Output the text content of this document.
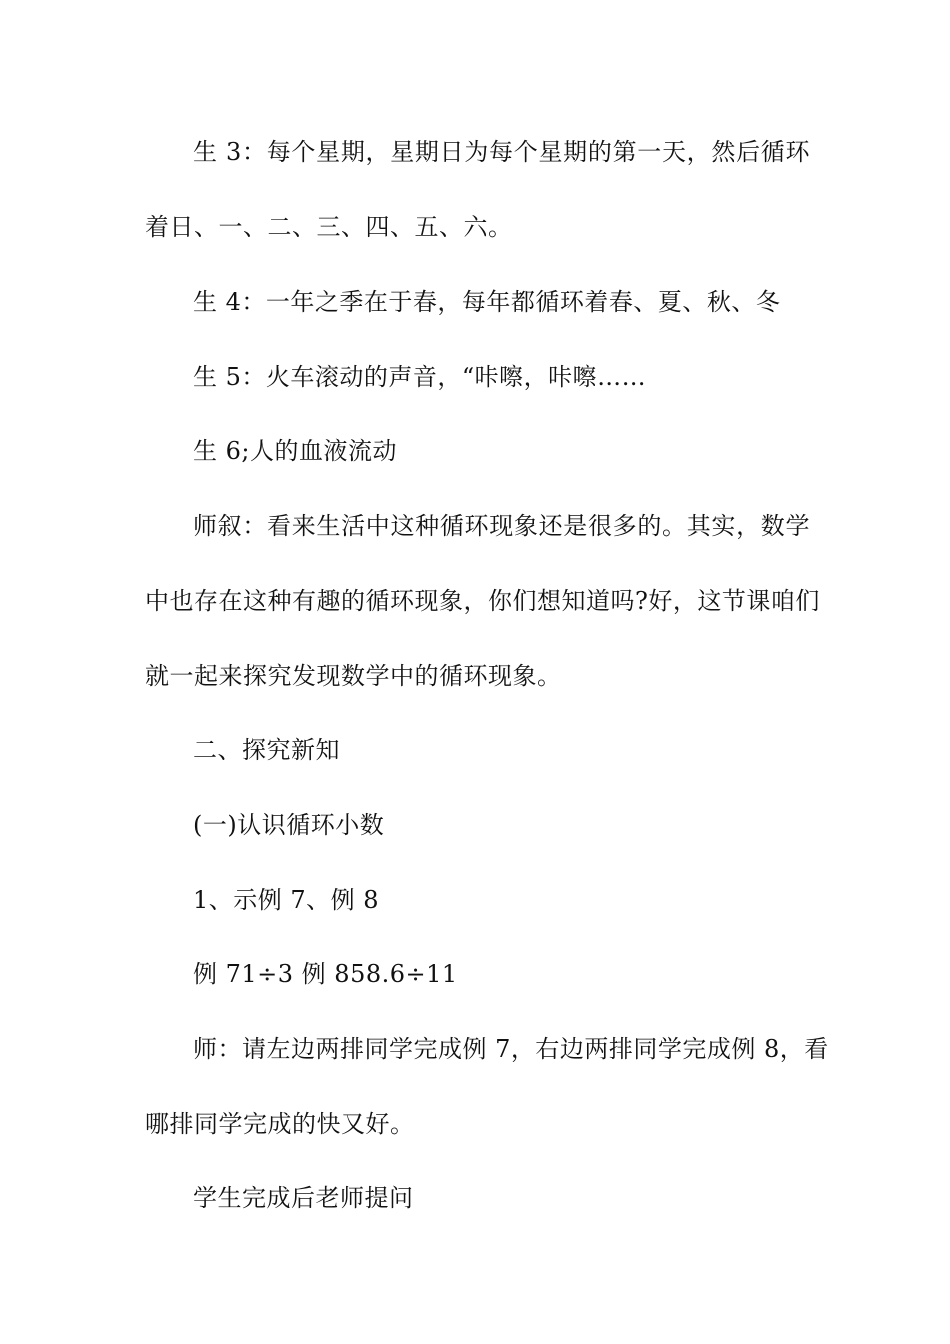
生 3：每个星期，星期日为每个星期的第一天，然后循环
着日、一、二、三、四、五、六。
生 4：一年之季在于春，每年都循环着春、夏、秋、冬
生 5：火车滚动的声音，“咔嚓，咔嚓……
生 6;人的血液流动
师叙：看来生活中这种循环现象还是很多的。其实，数学
中也存在这种有趣的循环现象，你们想知道吗?好，这节课咱们
就一起来探究发现数学中的循环现象。
二、探究新知
(一)认识循环小数
1、示例 7、例 8
例 71÷3 例 858.6÷11
师：请左边两排同学完成例 7，右边两排同学完成例 8，看
哪排同学完成的快又好。
学生完成后老师提问
